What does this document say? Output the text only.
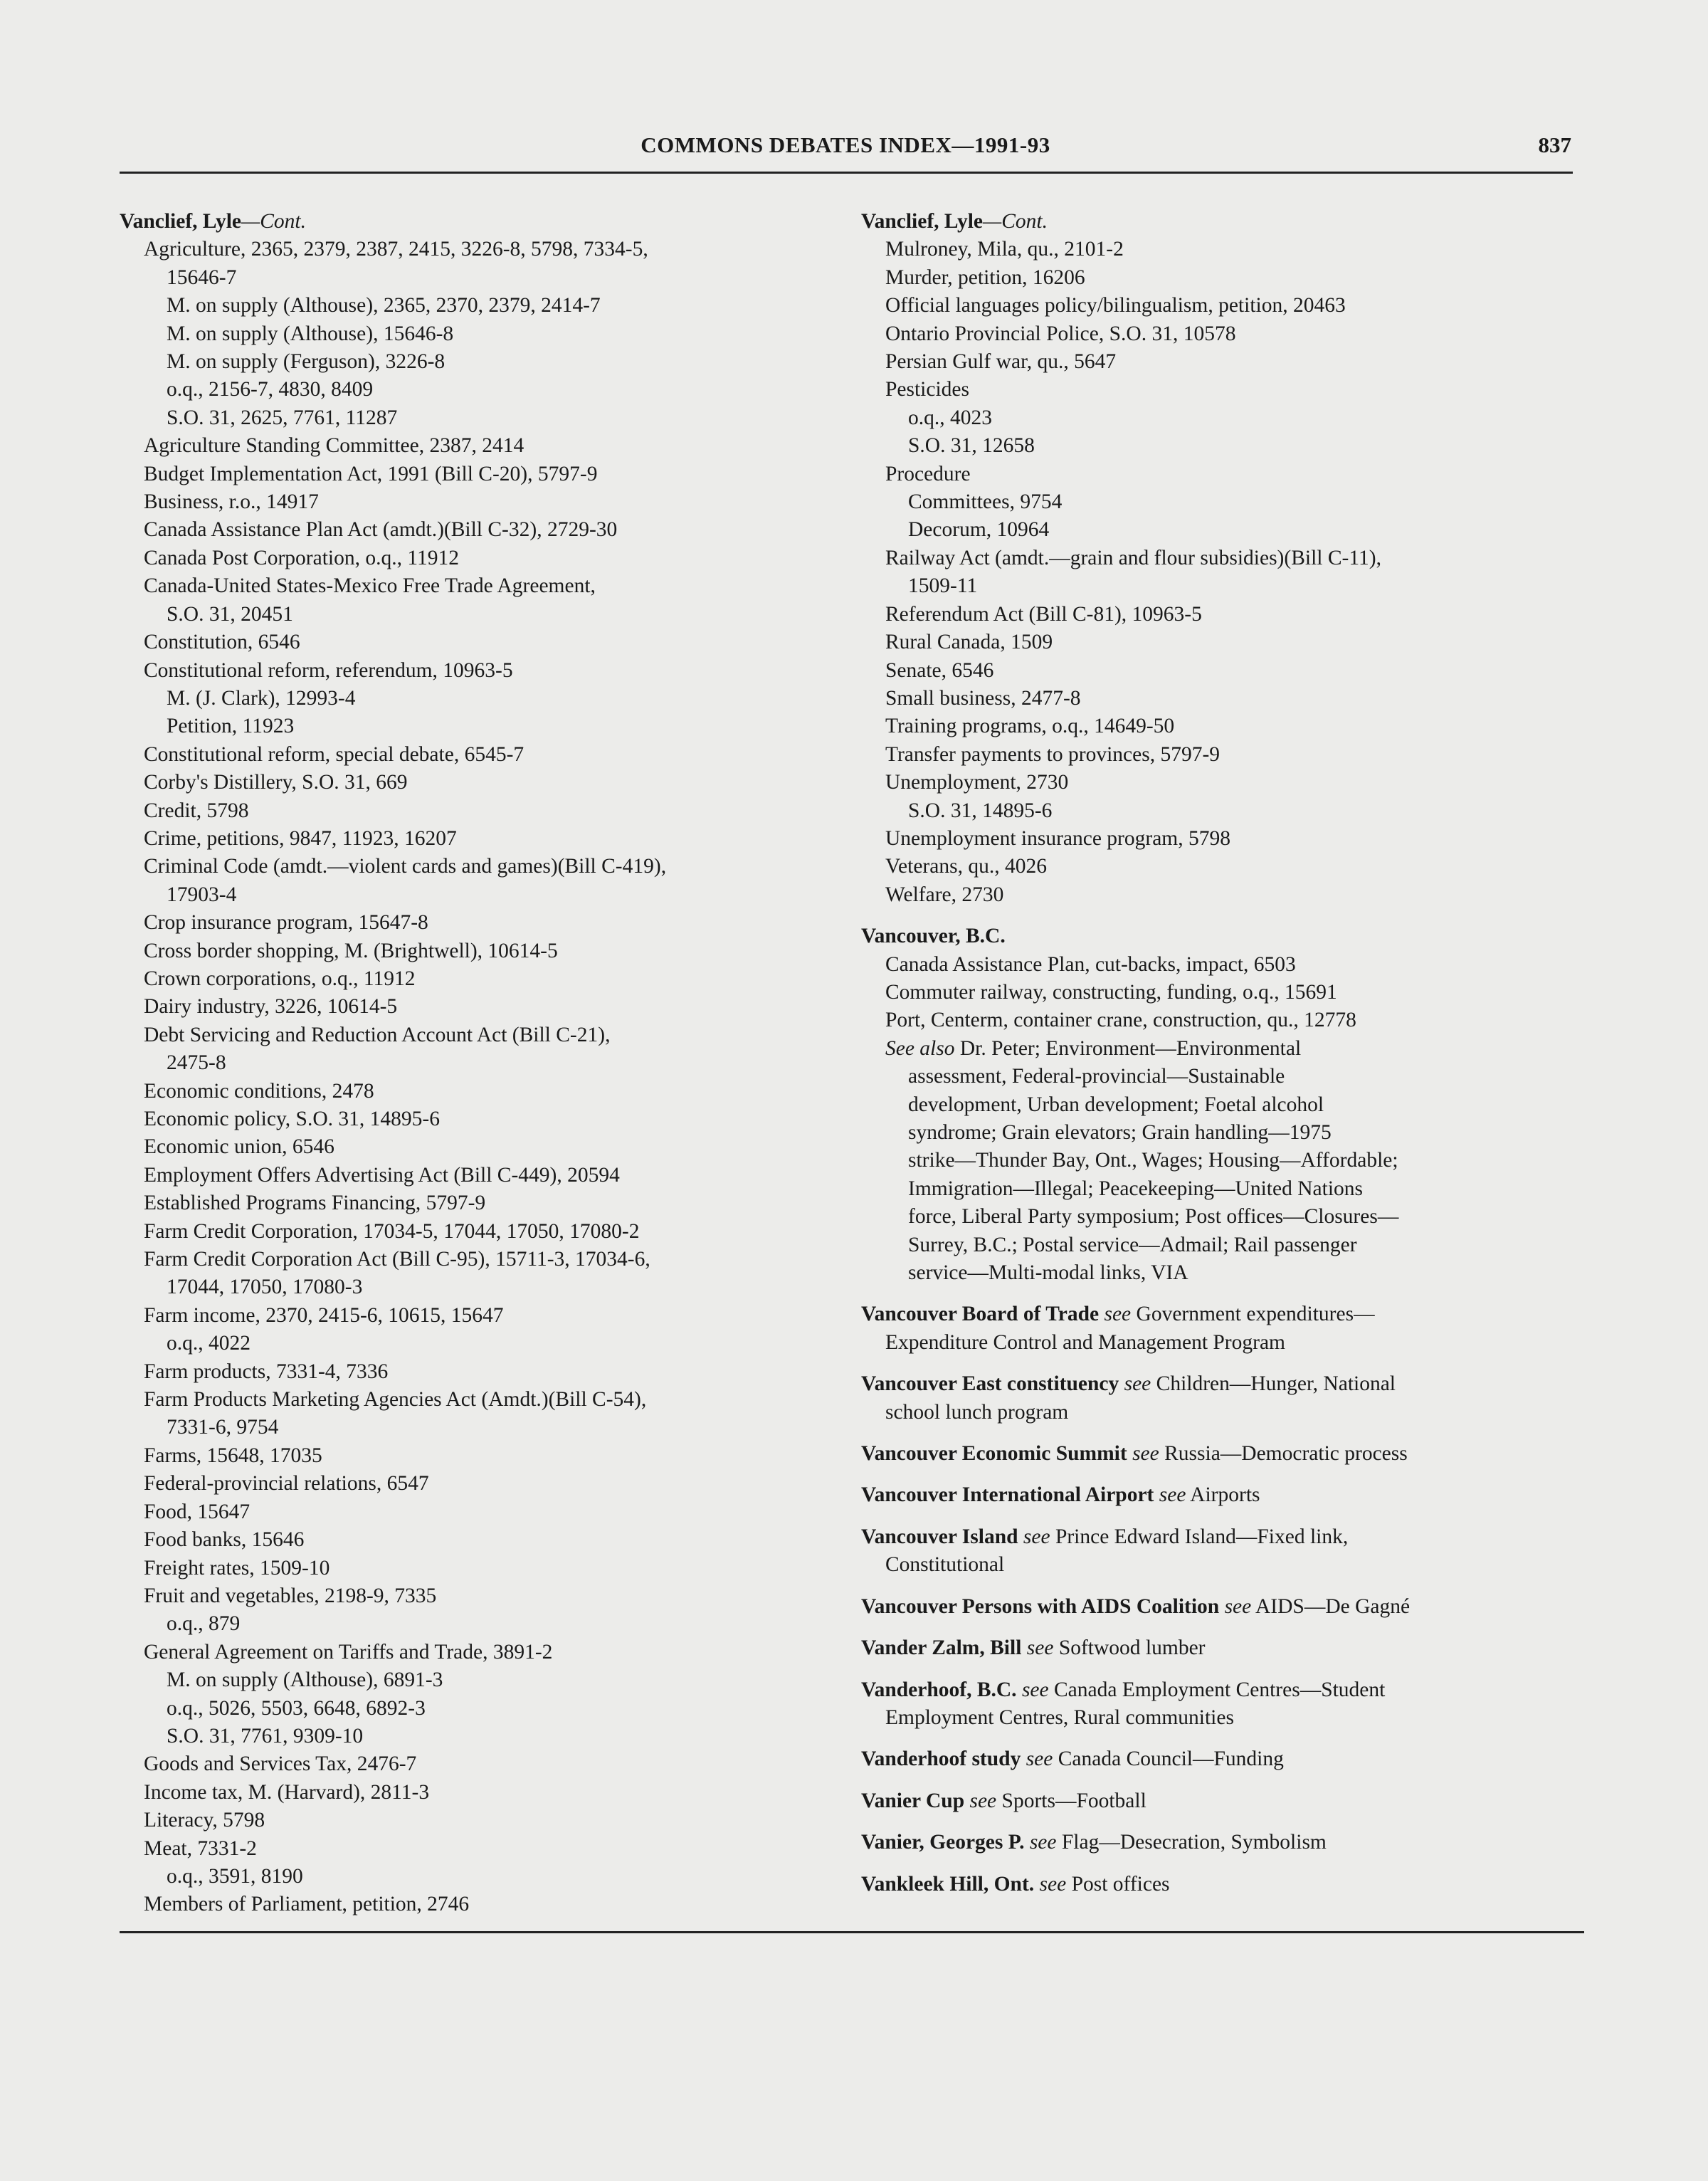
COMMONS DEBATES INDEX—1991-93	837
Vanclief, Lyle—Cont.
Agriculture, 2365, 2379, 2387, 2415, 3226-8, 5798, 7334-5,
15646-7
M. on supply (Althouse), 2365, 2370, 2379, 2414-7
M. on supply (Althouse), 15646-8
M. on supply (Ferguson), 3226-8
o.q., 2156-7, 4830, 8409
S.O. 31, 2625, 7761, 11287
Agriculture Standing Committee, 2387, 2414
Budget Implementation Act, 1991 (Bill C-20), 5797-9
Business, r.o., 14917
Canada Assistance Plan Act (amdt.)(Bill C-32), 2729-30
Canada Post Corporation, o.q., 11912
Canada-United States-Mexico Free Trade Agreement,
S.O. 31, 20451
Constitution, 6546
Constitutional reform, referendum, 10963-5
M. (J. Clark), 12993-4
Petition, 11923
Constitutional reform, special debate, 6545-7
Corby's Distillery, S.O. 31, 669
Credit, 5798
Crime, petitions, 9847, 11923, 16207
Criminal Code (amdt.—violent cards and games)(Bill C-419),
17903-4
Crop insurance program, 15647-8
Cross border shopping, M. (Brightwell), 10614-5
Crown corporations, o.q., 11912
Dairy industry, 3226, 10614-5
Debt Servicing and Reduction Account Act (Bill C-21),
2475-8
Economic conditions, 2478
Economic policy, S.O. 31, 14895-6
Economic union, 6546
Employment Offers Advertising Act (Bill C-449), 20594
Established Programs Financing, 5797-9
Farm Credit Corporation, 17034-5, 17044, 17050, 17080-2
Farm Credit Corporation Act (Bill C-95), 15711-3, 17034-6,
17044, 17050, 17080-3
Farm income, 2370, 2415-6, 10615, 15647
o.q., 4022
Farm products, 7331-4, 7336
Farm Products Marketing Agencies Act (Amdt.)(Bill C-54),
7331-6, 9754
Farms, 15648, 17035
Federal-provincial relations, 6547
Food, 15647
Food banks, 15646
Freight rates, 1509-10
Fruit and vegetables, 2198-9, 7335
o.q., 879
General Agreement on Tariffs and Trade, 3891-2
M. on supply (Althouse), 6891-3
o.q., 5026, 5503, 6648, 6892-3
S.O. 31, 7761, 9309-10
Goods and Services Tax, 2476-7
Income tax, M. (Harvard), 2811-3
Literacy, 5798
Meat, 7331-2
o.q., 3591, 8190
Members of Parliament, petition, 2746
Vanclief, Lyle—Cont.
Mulroney, Mila, qu., 2101-2
Murder, petition, 16206
Official languages policy/bilingualism, petition, 20463
Ontario Provincial Police, S.O. 31, 10578
Persian Gulf war, qu., 5647
Pesticides
o.q., 4023
S.O. 31, 12658
Procedure
Committees, 9754
Decorum, 10964
Railway Act (amdt.—grain and flour subsidies)(Bill C-11),
1509-11
Referendum Act (Bill C-81), 10963-5
Rural Canada, 1509
Senate, 6546
Small business, 2477-8
Training programs, o.q., 14649-50
Transfer payments to provinces, 5797-9
Unemployment, 2730
S.O. 31, 14895-6
Unemployment insurance program, 5798
Veterans, qu., 4026
Welfare, 2730
Vancouver, B.C.
Canada Assistance Plan, cut-backs, impact, 6503
Commuter railway, constructing, funding, o.q., 15691
Port, Centerm, container crane, construction, qu., 12778
See also Dr. Peter; Environment—Environmental
assessment, Federal-provincial—Sustainable
development, Urban development; Foetal alcohol
syndrome; Grain elevators; Grain handling—1975
strike—Thunder Bay, Ont., Wages; Housing—Affordable;
Immigration—Illegal; Peacekeeping—United Nations
force, Liberal Party symposium; Post offices—Closures—
Surrey, B.C.; Postal service—Admail; Rail passenger
service—Multi-modal links, VIA
Vancouver Board of Trade see Government expenditures—
Expenditure Control and Management Program
Vancouver East constituency see Children—Hunger, National
school lunch program
Vancouver Economic Summit see Russia—Democratic process
Vancouver International Airport see Airports
Vancouver Island see Prince Edward Island—Fixed link,
Constitutional
Vancouver Persons with AIDS Coalition see AIDS—De Gagné
Vander Zalm, Bill see Softwood lumber
Vanderhoof, B.C. see Canada Employment Centres—Student
Employment Centres, Rural communities
Vanderhoof study see Canada Council—Funding
Vanier Cup see Sports—Football
Vanier, Georges P. see Flag—Desecration, Symbolism
Vankleek Hill, Ont. see Post offices
